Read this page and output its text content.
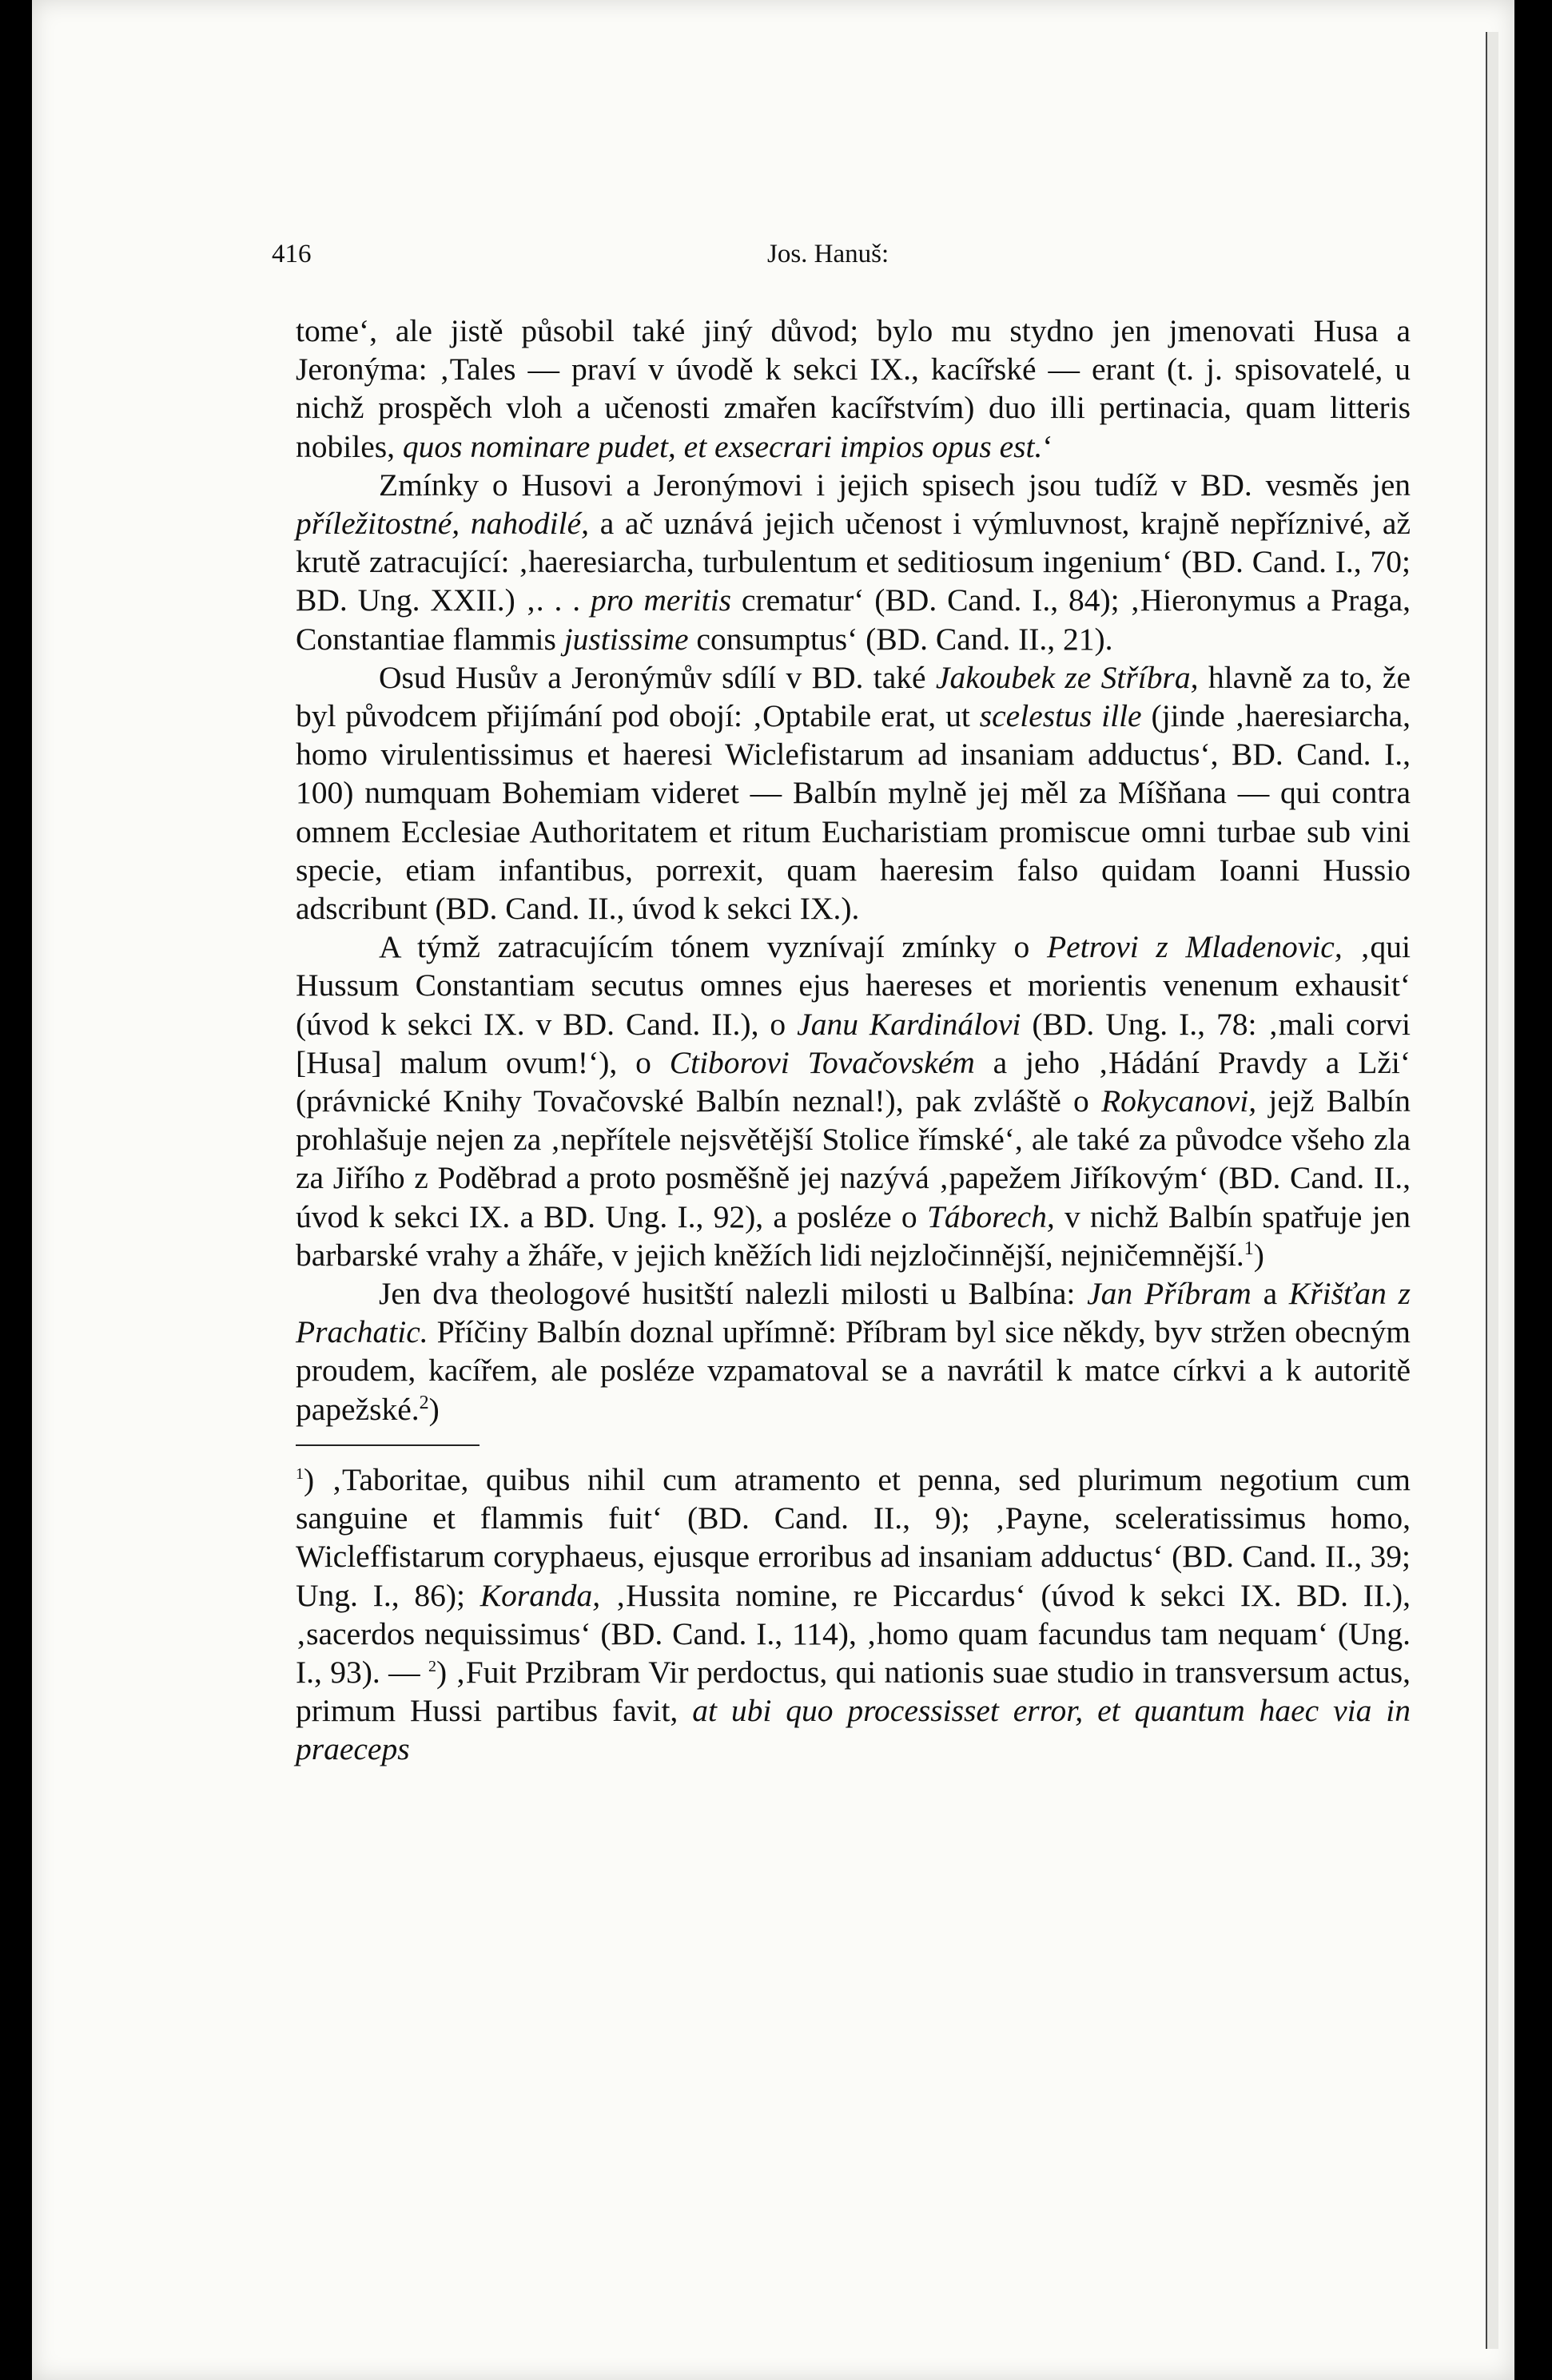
416	Jos. Hanuš:

tome‘, ale jistě působil také jiný důvod; bylo mu stydno jen jmenovati Husa a Jeronýma: ‚Tales — praví v úvodě k sekci IX., kacířské — erant (t. j. spisovatelé, u nichž prospěch vloh a učenosti zmařen kacířstvím) duo illi pertinacia, quam litteris nobiles, quos nominare pudet, et exsecrari impios opus est.‘

Zmínky o Husovi a Jeronýmovi i jejich spisech jsou tudíž v BD. vesměs jen příležitostné, nahodilé, a ač uznává jejich učenost i výmluvnost, krajně nepříznivé, až krutě zatracující: ‚haeresiarcha, turbulentum et seditiosum ingenium‘ (BD. Cand. I., 70; BD. Ung. XXII.) ‚. . . pro meritis crematur‘ (BD. Cand. I., 84); ‚Hieronymus a Praga, Constantiae flammis justissime consumptus‘ (BD. Cand. II., 21).

Osud Husův a Jeronýmův sdílí v BD. také Jakoubek ze Stříbra, hlavně za to, že byl původcem přijímání pod obojí: ‚Optabile erat, ut scelestus ille (jinde ‚haeresiarcha, homo virulentissimus et haeresi Wiclefistarum ad insaniam adductus‘, BD. Cand. I., 100) numquam Bohemiam videret — Balbín mylně jej měl za Míšňana — qui contra omnem Ecclesiae Authoritatem et ritum Eucharistiam promiscue omni turbae sub vini specie, etiam infantibus, porrexit, quam haeresim falso quidam Ioanni Hussio adscribunt (BD. Cand. II., úvod k sekci IX.).

A týmž zatracujícím tónem vyznívají zmínky o Petrovi z Mladenovic, ‚qui Hussum Constantiam secutus omnes ejus haereses et morientis venenum exhausit‘ (úvod k sekci IX. v BD. Cand. II.), o Janu Kardinálovi (BD. Ung. I., 78: ‚mali corvi [Husa] malum ovum!‘), o Ctiborovi Tovačovském a jeho ‚Hádání Pravdy a Lži‘ (právnické Knihy Tovačovské Balbín neznal!), pak zvláště o Rokycanovi, jejž Balbín prohlašuje nejen za ‚nepřítele nejsvětější Stolice římské‘, ale také za původce všeho zla za Jiřího z Poděbrad a proto posměšně jej nazývá ‚papežem Jiříkovým‘ (BD. Cand. II., úvod k sekci IX. a BD. Ung. I., 92), a posléze o Táborech, v nichž Balbín spatřuje jen barbarské vrahy a žháře, v jejich kněžích lidi nejzločinnější, nejničemnější.$^1$)

Jen dva theologové husitští nalezli milosti u Balbína: Jan Příbram a Křišťan z Prachatic. Příčiny Balbín doznal upřímně: Příbram byl sice někdy, byv stržen obecným proudem, kacířem, ale posléze vzpamatoval se a navrátil k matce církvi a k autoritě papežské.$^2$)

$^1$) ‚Taboritae, quibus nihil cum atramento et penna, sed plurimum negotium cum sanguine et flammis fuit‘ (BD. Cand. II., 9); ‚Payne, sceleratissimus homo, Wicleffistarum coryphaeus, ejusque erroribus ad insaniam adductus‘ (BD. Cand. II., 39; Ung. I., 86); Koranda, ‚Hussita nomine, re Piccardus‘ (úvod k sekci IX. BD. II.), ‚sacerdos nequissimus‘ (BD. Cand. I., 114), ‚homo quam facundus tam nequam‘ (Ung. I., 93). — $^2$) ‚Fuit Przibram Vir perdoctus, qui nationis suae studio in transversum actus, primum Hussi partibus favit, at ubi quo processisset error, et quantum haec via in praeceps
